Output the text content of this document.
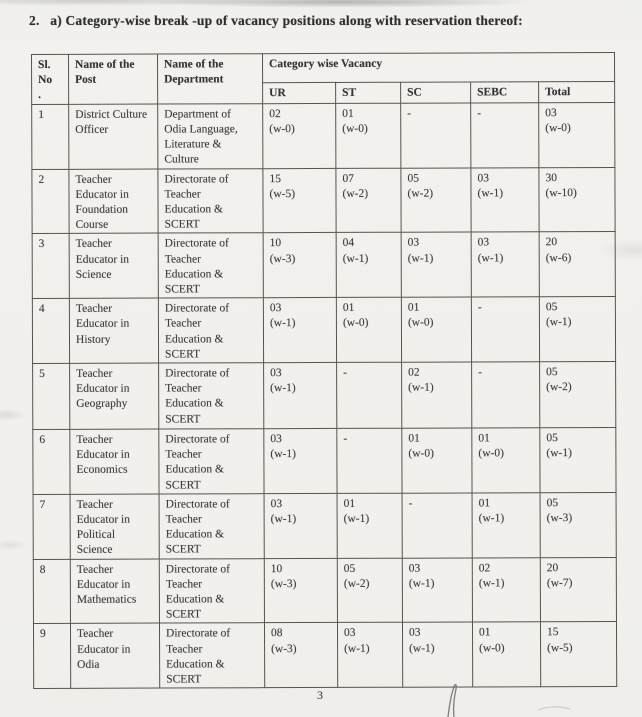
2.   a) Category-wise break -up of vacancy positions along with reservation thereof:
Sl.
No
.	Name of the
Post	Name of the
Department	Category wise Vacancy				
			UR	ST	SC	SEBC	Total
1	District Culture
Officer	Department of
Odia Language,
Literature &
Culture	02
(w-0)	01
(w-0)	-	-	03
(w-0)
2	Teacher
Educator in
Foundation
Course	Directorate of
Teacher
Education &
SCERT	15
(w-5)	07
(w-2)	05
(w-2)	03
(w-1)	30
(w-10)
3	Teacher
Educator in
Science	Directorate of
Teacher
Education &
SCERT	10
(w-3)	04
(w-1)	03
(w-1)	03
(w-1)	20
(w-6)
4	Teacher
Educator in
History	Directorate of
Teacher
Education &
SCERT	03
(w-1)	01
(w-0)	01
(w-0)	-	05
(w-1)
5	Teacher
Educator in
Geography	Directorate of
Teacher
Education &
SCERT	03
(w-1)	-	02
(w-1)	-	05
(w-2)
6	Teacher
Educator in
Economics	Directorate of
Teacher
Education &
SCERT	03
(w-1)	-	01
(w-0)	01
(w-0)	05
(w-1)
7	Teacher
Educator in
Political
Science	Directorate of
Teacher
Education &
SCERT	03
(w-1)	01
(w-1)	-	01
(w-1)	05
(w-3)
8	Teacher
Educator in
Mathematics	Directorate of
Teacher
Education &
SCERT	10
(w-3)	05
(w-2)	03
(w-1)	02
(w-1)	20
(w-7)
9	Teacher
Educator in
Odia	Directorate of
Teacher
Education &
SCERT	08
(w-3)	03
(w-1)	03
(w-1)	01
(w-0)	15
(w-5)
3
